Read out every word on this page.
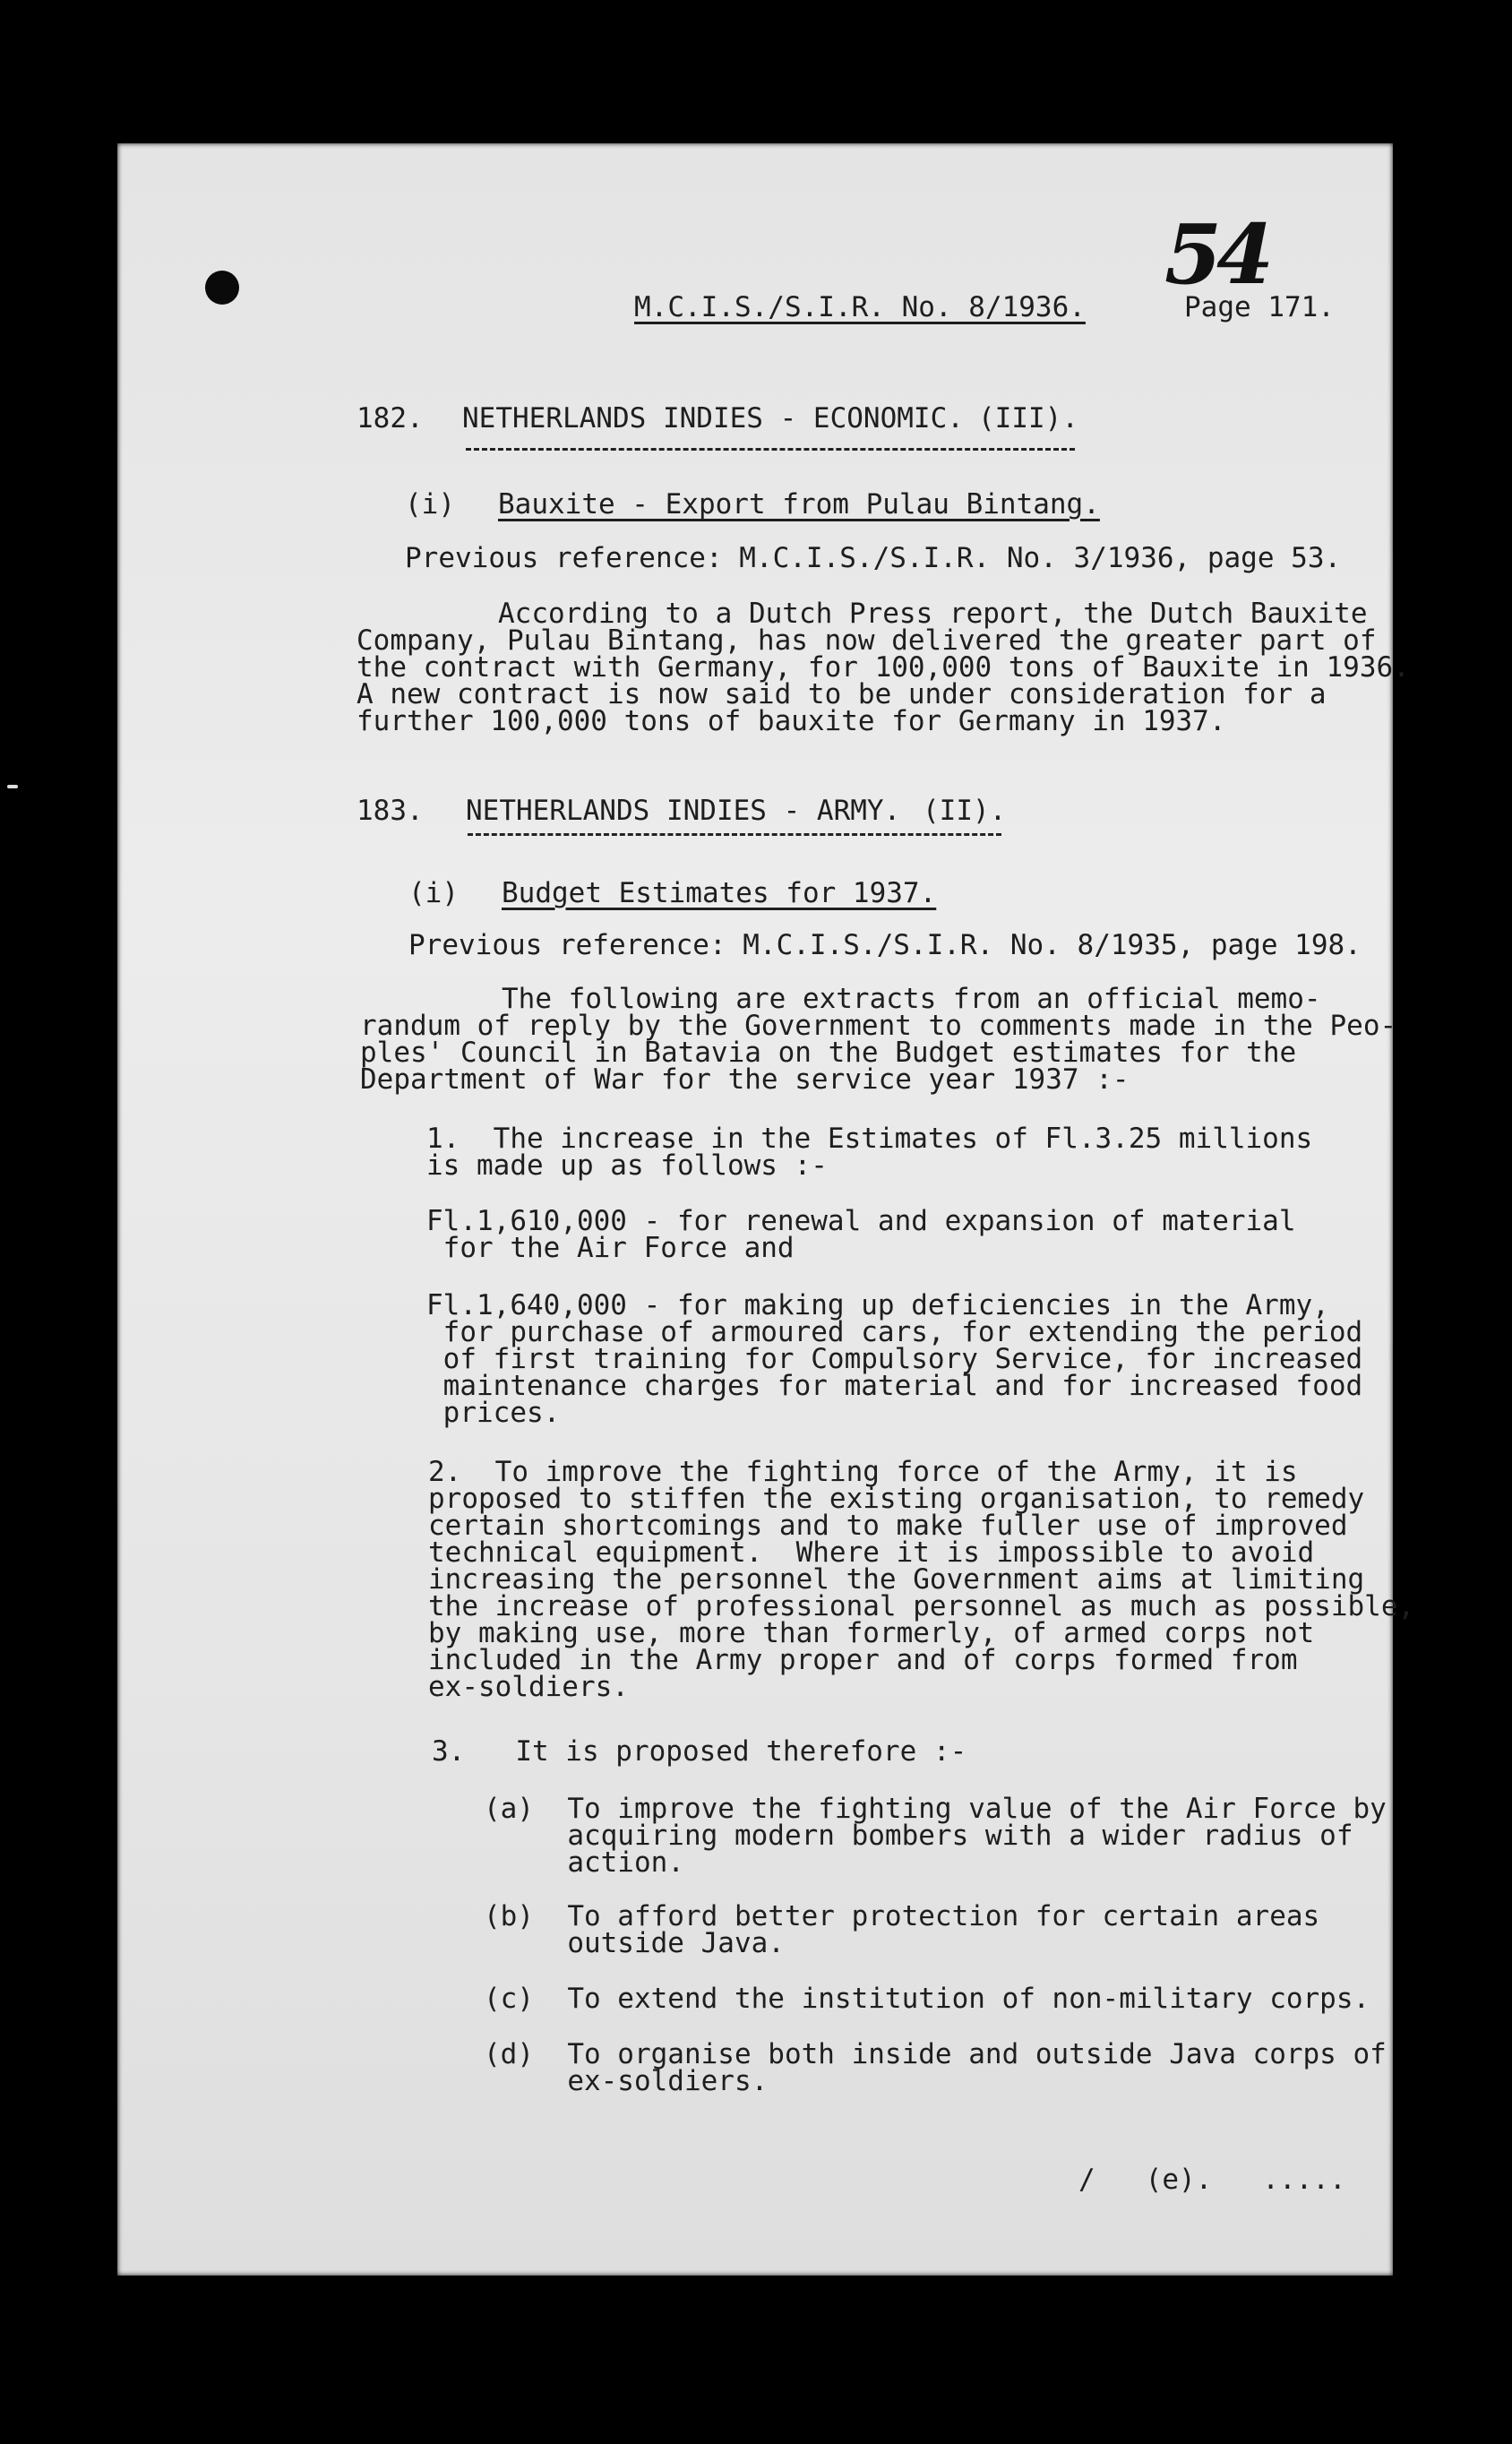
54

M.C.I.S./S.I.R. No. 8/1936.	Page 171.

182. NETHERLANDS INDIES - ECONOMIC. (III).

(i) Bauxite - Export from Pulau Bintang.

Previous reference: M.C.I.S./S.I.R. No. 3/1936, page 53.

According to a Dutch Press report, the Dutch Bauxite

Company, Pulau Bintang, has now delivered the greater part of

the contract with Germany, for 100,000 tons of Bauxite in 1936.

A new contract is now said to be under consideration for a

further 100,000 tons of bauxite for Germany in 1937.

183. NETHERLANDS INDIES - ARMY. (II).

(i) Budget Estimates for 1937.

Previous reference: M.C.I.S./S.I.R. No. 8/1935, page 198.

The following are extracts from an official memo-

randum of reply by the Government to comments made in the Peo-

ples' Council in Batavia on the Budget estimates for the

Department of War for the service year 1937 :-

1.  The increase in the Estimates of Fl.3.25 millions

is made up as follows :-

Fl.1,610,000 - for renewal and expansion of material

for the Air Force and

Fl.1,640,000 - for making up deficiencies in the Army,

for purchase of armoured cars, for extending the period

of first training for Compulsory Service, for increased

maintenance charges for material and for increased food

prices.

2.  To improve the fighting force of the Army, it is

proposed to stiffen the existing organisation, to remedy

certain shortcomings and to make fuller use of improved

technical equipment.  Where it is impossible to avoid

increasing the personnel the Government aims at limiting

the increase of professional personnel as much as possible,

by making use, more than formerly, of armed corps not

included in the Army proper and of corps formed from

ex-soldiers.

3.   It is proposed therefore :-

(a)  To improve the fighting value of the Air Force by

acquiring modern bombers with a wider radius of

action.

(b)  To afford better protection for certain areas

outside Java.

(c)  To extend the institution of non-military corps.

(d)  To organise both inside and outside Java corps of

ex-soldiers.

/   (e).   .....
